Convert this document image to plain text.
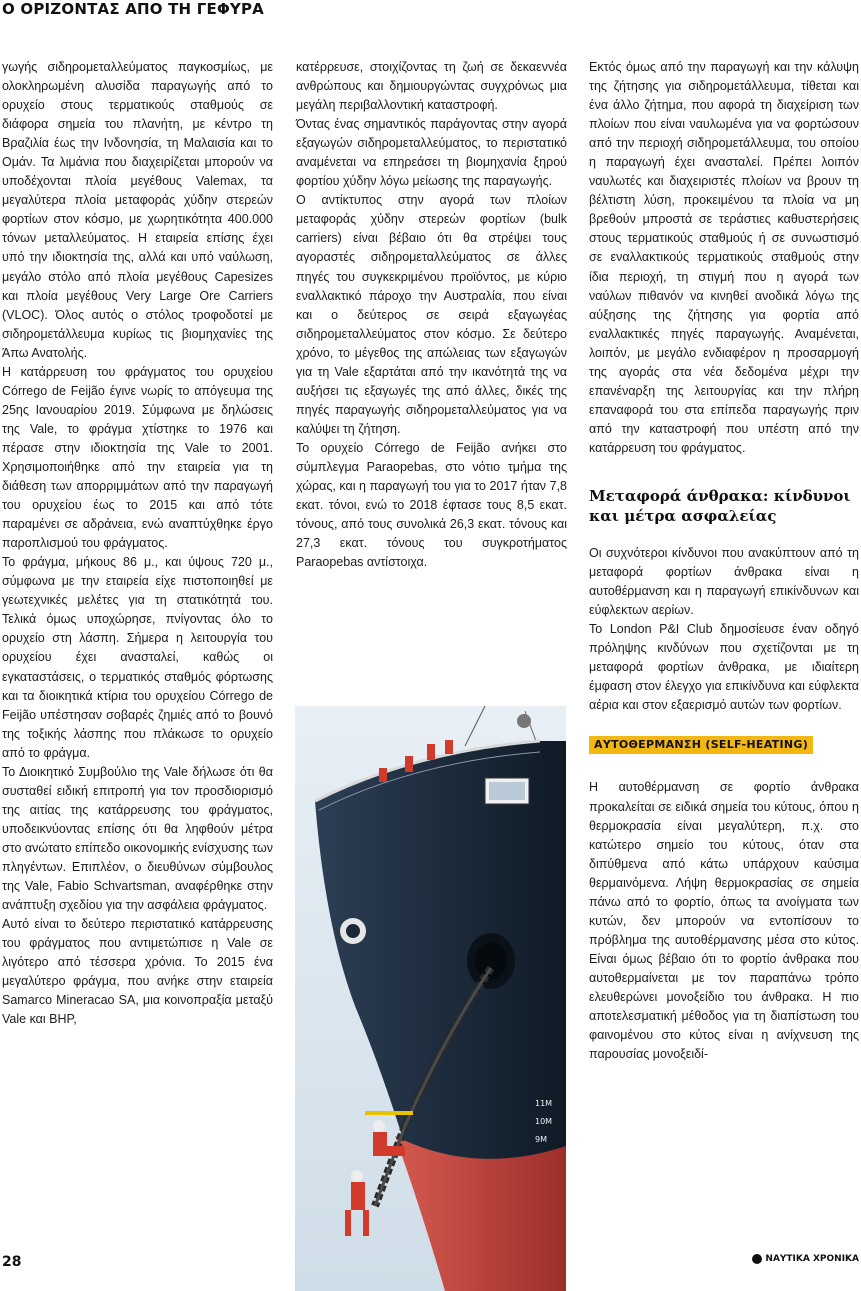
Ο ΟΡΙΖΟΝΤΑΣ ΑΠΟ ΤΗ ΓΕΦΥΡΑ

γωγής σιδηρομεταλλεύματος παγκοσμίως, με ολοκληρωμένη αλυσίδα παραγωγής από το ορυχείο στους τερματικούς σταθμούς σε διάφορα σημεία του πλανήτη, με κέντρο τη Βραζιλία έως την Ινδονησία, τη Μαλαισία και το Ομάν. Τα λιμάνια που διαχειρίζεται μπορούν να υποδέχονται πλοία μεγέθους Valemax, τα μεγαλύτερα πλοία μεταφοράς χύδην στερεών φορτίων στον κόσμο, με χωρητικότητα 400.000 τόνων μεταλλεύματος. Η εταιρεία επίσης έχει υπό την ιδιοκτησία της, αλλά και υπό ναύλωση, μεγάλο στόλο από πλοία μεγέθους Capesizes και πλοία μεγέθους Very Large Ore Carriers (VLOC). Όλος αυτός ο στόλος τροφοδοτεί με σιδηρομετάλλευμα κυρίως τις βιομηχανίες της Άπω Ανατολής.

Η κατάρρευση του φράγματος του ορυχείου Córrego de Feijão έγινε νωρίς το απόγευμα της 25ης Ιανουαρίου 2019. Σύμφωνα με δηλώσεις της Vale, το φράγμα χτίστηκε το 1976 και πέρασε στην ιδιοκτησία της Vale το 2001. Χρησιμοποιήθηκε από την εταιρεία για τη διάθεση των απορριμμάτων από την παραγωγή του ορυχείου έως το 2015 και από τότε παραμένει σε αδράνεια, ενώ αναπτύχθηκε έργο παροπλισμού του φράγματος.

Το φράγμα, μήκους 86 μ., και ύψους 720 μ., σύμφωνα με την εταιρεία είχε πιστοποιηθεί με γεωτεχνικές μελέτες για τη στατικότητά του. Τελικά όμως υποχώρησε, πνίγοντας όλο το ορυχείο στη λάσπη. Σήμερα η λειτουργία του ορυχείου έχει ανασταλεί, καθώς οι εγκαταστάσεις, ο τερματικός σταθμός φόρτωσης και τα διοικητικά κτίρια του ορυχείου Córrego de Feijão υπέστησαν σοβαρές ζημιές από το βουνό της τοξικής λάσπης που πλάκωσε το ορυχείο από το φράγμα.

Το Διοικητικό Συμβούλιο της Vale δήλωσε ότι θα συσταθεί ειδική επιτροπή για τον προσδιορισμό της αιτίας της κατάρρευσης του φράγματος, υποδεικνύοντας επίσης ότι θα ληφθούν μέτρα στο ανώτατο επίπεδο οικονομικής ενίσχυσης των πληγέντων. Επιπλέον, ο διευθύνων σύμβουλος της Vale, Fabio Schvartsman, αναφέρθηκε στην ανάπτυξη σχεδίου για την ασφάλεια φράγματος.

Αυτό είναι το δεύτερο περιστατικό κατάρρευσης του φράγματος που αντιμετώπισε η Vale σε λιγότερο από τέσσερα χρόνια. Το 2015 ένα μεγαλύτερο φράγμα, που ανήκε στην εταιρεία Samarco Mineracao SA, μια κοινοπραξία μεταξύ Vale και BHP,

κατέρρευσε, στοιχίζοντας τη ζωή σε δεκαεννέα ανθρώπους και δημιουργώντας συγχρόνως μια μεγάλη περιβαλλοντική καταστροφή.

Όντας ένας σημαντικός παράγοντας στην αγορά εξαγωγών σιδηρομεταλλεύματος, το περιστατικό αναμένεται να επηρεάσει τη βιομηχανία ξηρού φορτίου χύδην λόγω μείωσης της παραγωγής.

Ο αντίκτυπος στην αγορά των πλοίων μεταφοράς χύδην στερεών φορτίων (bulk carriers) είναι βέβαιο ότι θα στρέψει τους αγοραστές σιδηρομεταλλεύματος σε άλλες πηγές του συγκεκριμένου προϊόντος, με κύριο εναλλακτικό πάροχο την Αυστραλία, που είναι και ο δεύτερος σε σειρά εξαγωγέας σιδηρομεταλλεύματος στον κόσμο. Σε δεύτερο χρόνο, το μέγεθος της απώλειας των εξαγωγών για τη Vale εξαρτάται από την ικανότητά της να αυξήσει τις εξαγωγές της από άλλες, δικές της πηγές παραγωγής σιδηρομεταλλεύματος για να καλύψει τη ζήτηση.

Το ορυχείο Córrego de Feijão ανήκει στο σύμπλεγμα Paraopebas, στο νότιο τμήμα της χώρας, και η παραγωγή του για το 2017 ήταν 7,8 εκατ. τόνοι, ενώ το 2018 έφτασε τους 8,5 εκατ. τόνους, από τους συνολικά 26,3 εκατ. τόνους και 27,3 εκατ. τόνους του συγκροτήματος Paraopebas αντίστοιχα.

11M
10M
9M

Εκτός όμως από την παραγωγή και την κάλυψη της ζήτησης για σιδηρομετάλλευμα, τίθεται και ένα άλλο ζήτημα, που αφορά τη διαχείριση των πλοίων που είναι ναυλωμένα για να φορτώσουν από την περιοχή σιδηρομετάλλευμα, του οποίου η παραγωγή έχει ανασταλεί. Πρέπει λοιπόν ναυλωτές και διαχειριστές πλοίων να βρουν τη βέλτιστη λύση, προκειμένου τα πλοία να μη βρεθούν μπροστά σε τεράστιες καθυστερήσεις στους τερματικούς σταθμούς ή σε συνωστισμό σε εναλλακτικούς τερματικούς σταθμούς στην ίδια περιοχή, τη στιγμή που η αγορά των ναύλων πιθανόν να κινηθεί ανοδικά λόγω της αύξησης της ζήτησης για φορτία από εναλλακτικές πηγές παραγωγής. Αναμένεται, λοιπόν, με μεγάλο ενδιαφέρον η προσαρμογή της αγοράς στα νέα δεδομένα μέχρι την επανέναρξη της λειτουργίας και την πλήρη επαναφορά του στα επίπεδα παραγωγής πριν από την καταστροφή που υπέστη από την κατάρρευση του φράγματος.

Μεταφορά άνθρακα: κίνδυνοι και μέτρα ασφαλείας

Οι συχνότεροι κίνδυνοι που ανακύπτουν από τη μεταφορά φορτίων άνθρακα είναι η αυτοθέρμανση και η παραγωγή επικίνδυνων και εύφλεκτων αερίων.

Το London P&I Club δημοσίευσε έναν οδηγό πρόληψης κινδύνων που σχετίζονται με τη μεταφορά φορτίων άνθρακα, με ιδιαίτερη έμφαση στον έλεγχο για επικίνδυνα και εύφλεκτα αέρια και στον εξαερισμό αυτών των φορτίων.

ΑΥΤΟΘΕΡΜΑΝΣΗ (SELF-HEATING)

Η αυτοθέρμανση σε φορτίο άνθρακα προκαλείται σε ειδικά σημεία του κύτους, όπου η θερμοκρασία είναι μεγαλύτερη, π.χ. στο κατώτερο σημείο του κύτους, όταν στα διπύθμενα από κάτω υπάρχουν καύσιμα θερμαινόμενα. Λήψη θερμοκρασίας σε σημεία πάνω από το φορτίο, όπως τα ανοίγματα των κυτών, δεν μπορούν να εντοπίσουν το πρόβλημα της αυτοθέρμανσης μέσα στο κύτος. Είναι όμως βέβαιο ότι το φορτίο άνθρακα που αυτοθερμαίνεται με τον παραπάνω τρόπο ελευθερώνει μονοξείδιο του άνθρακα. Η πιο αποτελεσματική μέθοδος για τη διαπίστωση του φαινομένου στο κύτος είναι η ανίχνευση της παρουσίας μονοξειδί-

28	ΝΑΥΤΙΚΑ ΧΡΟΝΙΚΑ
